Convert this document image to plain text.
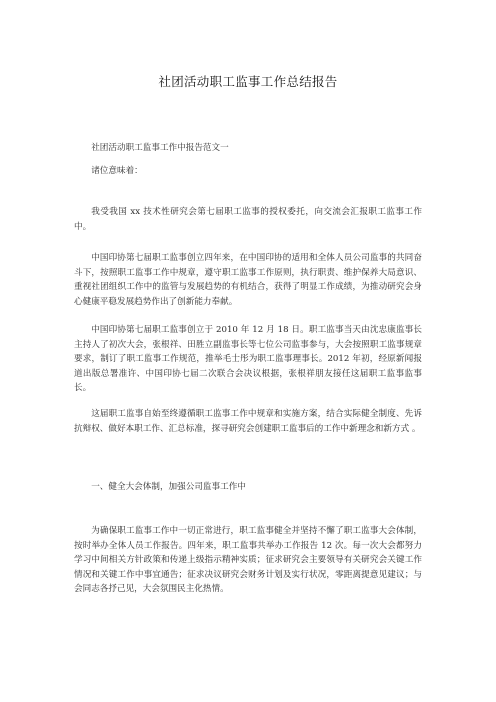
社团活动职工监事工作总结报告

社团活动职工监事工作中报告范文一

诸位意味着：

我受我国 xx 技术性研究会第七届职工监事的授权委托，向交流会汇报职工监事工作中。

中国印协第七届职工监事创立四年来，在中国印协的适用和全体人员公司监事的共同奋斗下，按照职工监事工作中规章，遵守职工监事工作原则，执行职责、维护保养大局意识、重视社团组织工作中的监管与发展趋势的有机结合，获得了明显工作成绩，为推动研究会身心健康平稳发展趋势作出了创新能力奉献。

中国印协第七届职工监事创立于 2010 年 12 月 18 日。职工监事当天由沈忠康监事长主持人了初次大会，张根祥、田胜立副监事长等七位公司监事参与，大会按照职工监事规章要求，制订了职工监事工作规范，推举毛士彤为职工监事理事长。2012 年初，经原新闻报道出版总署准许、中国印协七届二次联合会决议根据，张根祥朋友接任这届职工监事监事长。

这届职工监事自始至终遵循职工监事工作中规章和实施方案，结合实际健全制度、先诉抗辩权、做好本职工作、汇总标准，探寻研究会创建职工监事后的工作中新理念和新方式 。

一、健全大会体制，加强公司监事工作中

为确保职工监事工作中一切正常进行，职工监事健全并坚持不懈了职工监事大会体制，按时举办全体人员工作报告。四年来，职工监事共举办工作报告 12 次。每一次大会都努力学习中间相关方针政策和传递上级指示精神实质；征求研究会主要领导有关研究会关键工作情况和关键工作中事宜通告；征求决议研究会财务计划及实行状况，零距离提意见建议；与会同志各抒己见，大会氛围民主化热情。
